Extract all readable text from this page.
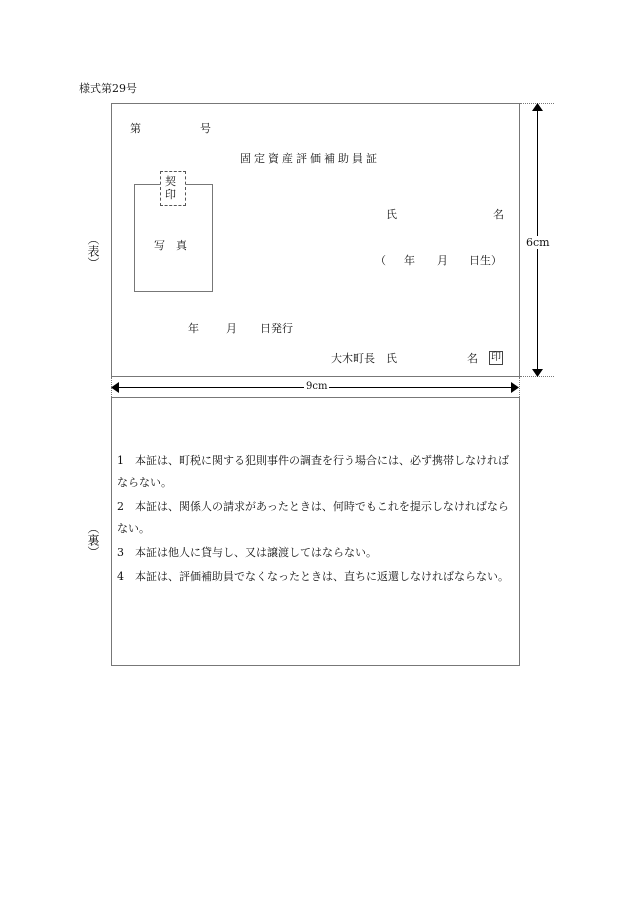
様式第29号
第	号
固定資産評価補助員証
写　真
契印
氏	名
（ 年 月 日生）
年 月 日発行
大木町長　氏	名 印
（表）	6cm
9cm
（裏）
1 本証は、町税に関する犯則事件の調査を行う場合には、必ず携帯しなければならない。
2 本証は、関係人の請求があったときは、何時でもこれを提示しなければならない。
3 本証は他人に貸与し、又は譲渡してはならない。
4 本証は、評価補助員でなくなったときは、直ちに返還しなければならない。
